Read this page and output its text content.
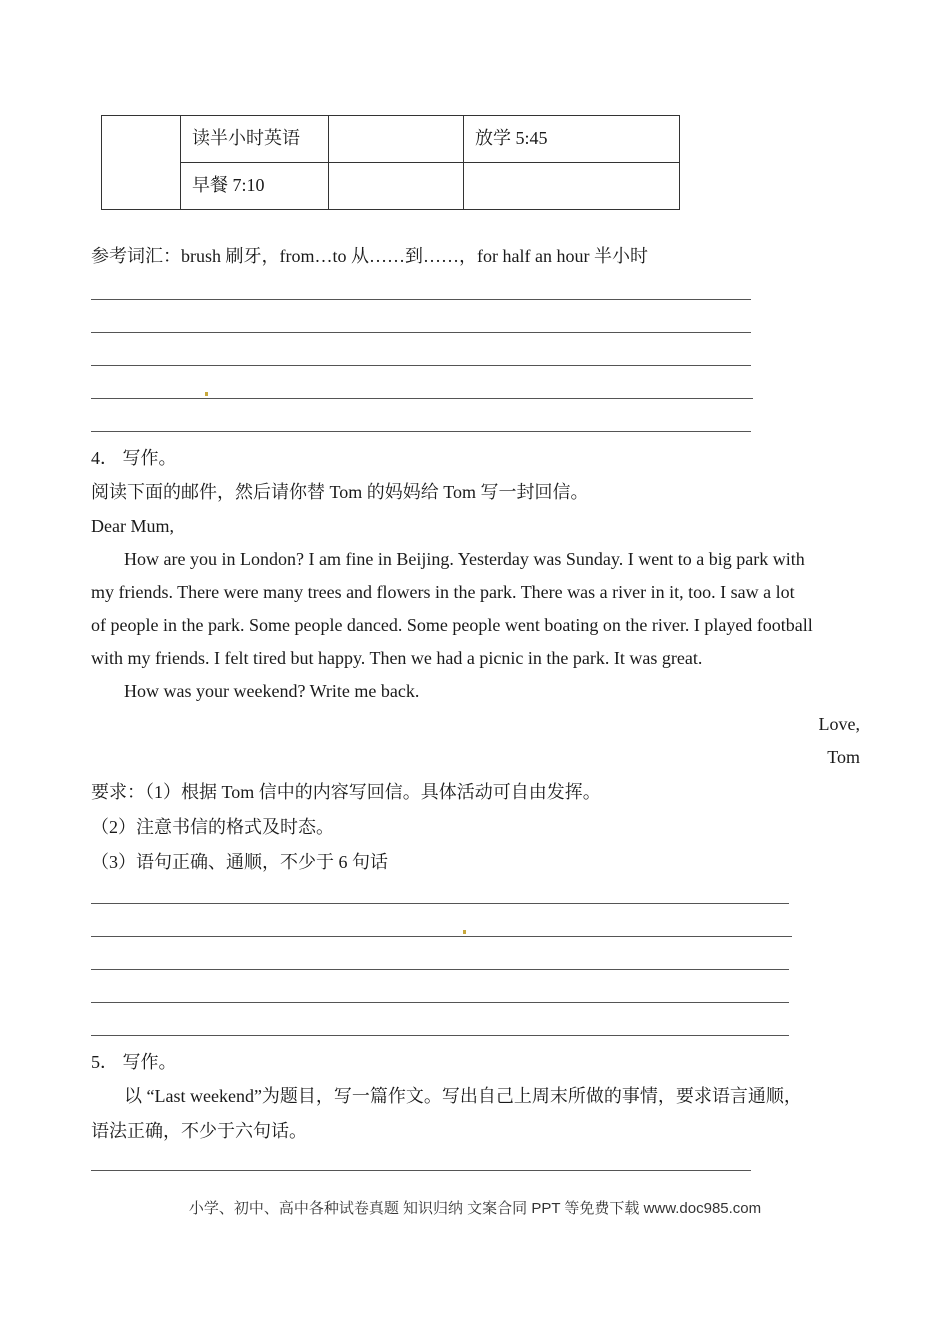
	读半小时英语		放学 5:45

	早餐 7:10		

参考词汇：brush 刷牙，from…to 从……到……，for half an hour 半小时
4． 写作。
阅读下面的邮件，然后请你替 Tom 的妈妈给 Tom 写一封回信。
Dear Mum,
How are you in London? I am fine in Beijing. Yesterday was Sunday. I went to a big park with
my friends. There were many trees and flowers in the park. There was a river in it, too. I saw a lot
of people in the park. Some people danced. Some people went boating on the river. I played football
with my friends. I felt tired but happy. Then we had a picnic in the park. It was great.
How was your weekend? Write me back.
Love,
Tom
要求：（1）根据 Tom 信中的内容写回信。具体活动可自由发挥。
（2）注意书信的格式及时态。
（3）语句正确、通顺，不少于 6 句话
5． 写作。
以 “Last weekend”为题目，写一篇作文。写出自己上周末所做的事情，要求语言通顺，
语法正确，不少于六句话。
小学、初中、高中各种试卷真题 知识归纳 文案合同 PPT 等免费下载 www.doc985.com
